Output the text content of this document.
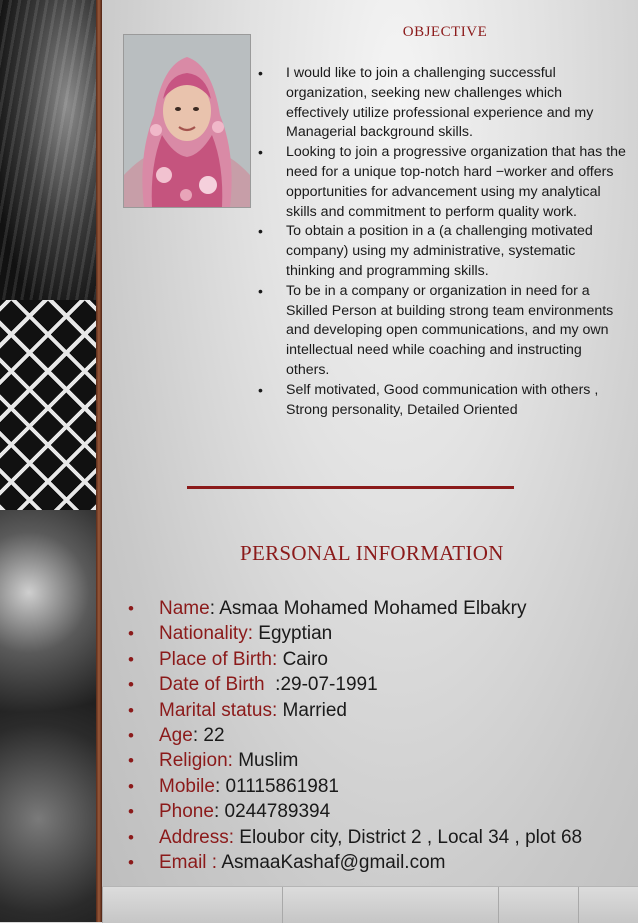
OBJECTIVE
• I would like to join a challenging successful organization, seeking new challenges which effectively utilize professional experience and my Managerial background skills.
• Looking to join a progressive organization that has the need for a unique top-notch hard −worker and offers opportunities for advancement using my analytical skills and commitment to perform quality work.
• To obtain a position in a (a challenging motivated company) using my administrative, systematic thinking and programming skills.
• To be in a company or organization in need for a Skilled Person at building strong team environments and developing open communications, and my own intellectual need while coaching and instructing others.
• Self motivated, Good communication with others , Strong personality, Detailed Oriented
PERSONAL INFORMATION
• Name: Asmaa Mohamed Mohamed Elbakry
• Nationality: Egyptian
• Place of Birth: Cairo
• Date of Birth  :29-07-1991
• Marital status: Married
• Age: 22
• Religion: Muslim
• Mobile: 01115861981
• Phone: 0244789394
• Address: Eloubor city, District 2 , Local 34 , plot 68
• Email : AsmaaKashaf@gmail.com
